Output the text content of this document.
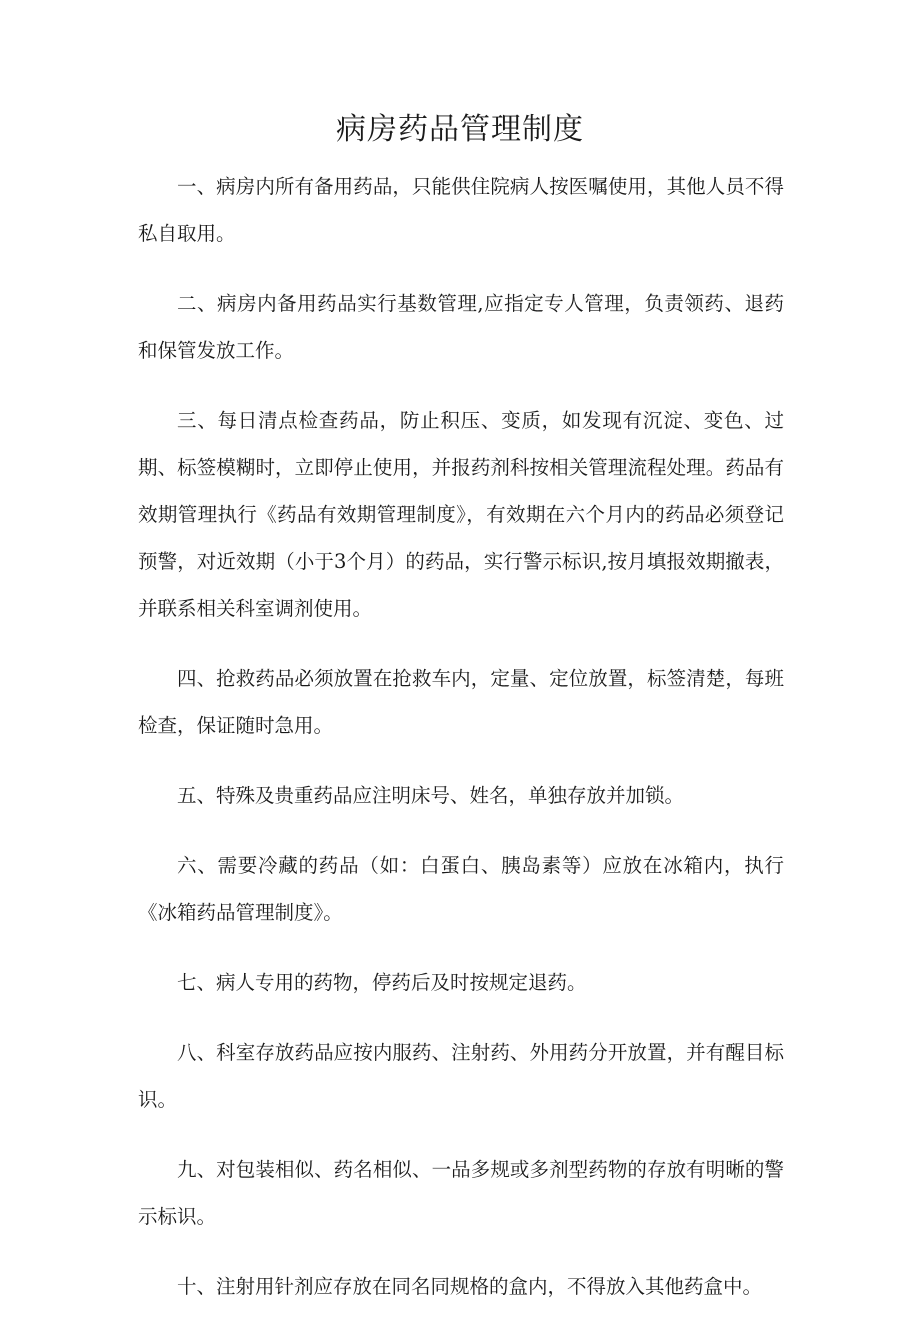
病房药品管理制度

一、病房内所有备用药品，只能供住院病人按医嘱使用，其他人员不得私自取用。

二、病房内备用药品实行基数管理,应指定专人管理，负责领药、退药和保管发放工作。

三、每日清点检查药品，防止积压、变质，如发现有沉淀、变色、过期、标签模糊时，立即停止使用，并报药剂科按相关管理流程处理。药品有效期管理执行《药品有效期管理制度》，有效期在六个月内的药品必须登记预警，对近效期（小于3个月）的药品，实行警示标识,按月填报效期撤表，并联系相关科室调剂使用。

四、抢救药品必须放置在抢救车内，定量、定位放置，标签清楚，每班检查，保证随时急用。

五、特殊及贵重药品应注明床号、姓名，单独存放并加锁。

六、需要冷藏的药品（如：白蛋白、胰岛素等）应放在冰箱内，执行《冰箱药品管理制度》。

七、病人专用的药物，停药后及时按规定退药。

八、科室存放药品应按内服药、注射药、外用药分开放置，并有醒目标识。

九、对包装相似、药名相似、一品多规或多剂型药物的存放有明晰的警示标识。

十、注射用针剂应存放在同名同规格的盒内，不得放入其他药盒中。
